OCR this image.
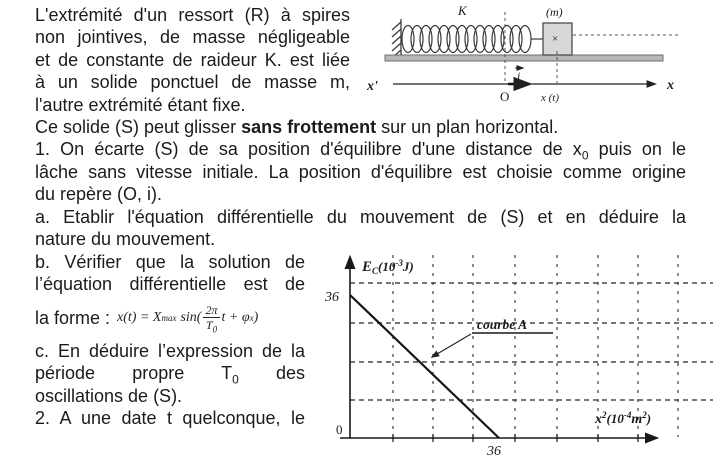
L'extrémité d'un ressort (R) à spires
non jointives, de masse négligeable
et de constante de raideur K. est liée
à un solide ponctuel de masse m,
l'autre extrémité étant fixe.
Ce solide (S) peut glisser sans frottement sur un plan horizontal.
1. On écarte (S) de sa position d'équilibre d'une distance de $x_0$ puis on le
lâche sans vitesse initiale. La position d'équilibre est choisie comme origine
du repère (O, i).
a. Etablir l'équation différentielle du mouvement de (S) et en déduire la
nature du mouvement.
b. Vérifier que la solution de
l’équation différentielle est de
la forme : x(t) = X $\max \sin( \frac{2\pi}{T_0}$ t + φ x )
c. En déduire l’expression de la
période propre $T_0$ des
oscillations de (S).
2. A une date t quelconque, le
×
K	(m)
x'	x
O	x (t)
i
courbe A
36
0
36
$EC(10^{-3}_{J)}$
$x^2_{(10}^{-4}m^2_)$
